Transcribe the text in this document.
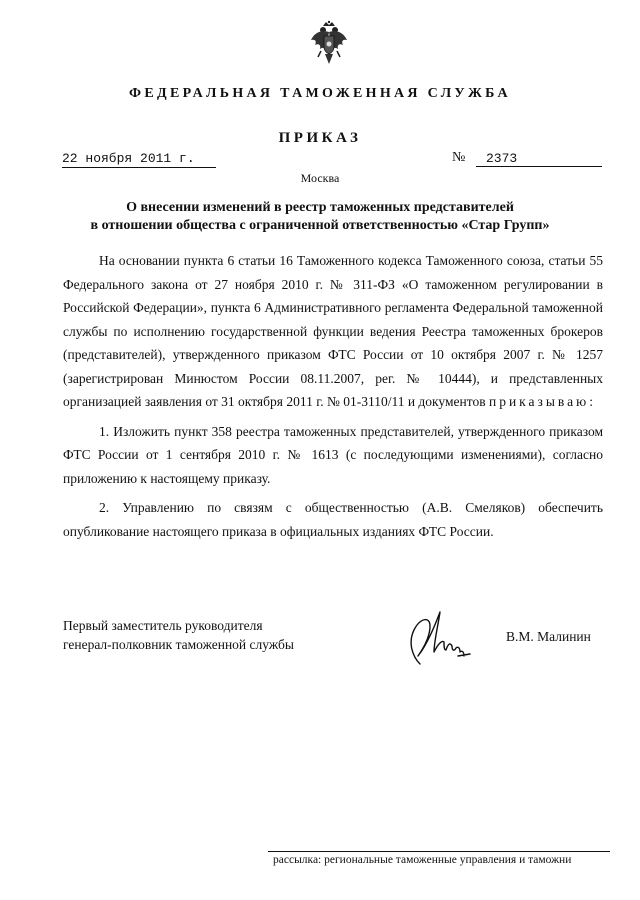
ФЕДЕРАЛЬНАЯ ТАМОЖЕННАЯ СЛУЖБА
ПРИКАЗ
22 ноября 2011 г.	№ 2373
Москва
О внесении изменений в реестр таможенных представителей
в отношении общества с ограниченной ответственностью «Стар Групп»

На основании пункта 6 статьи 16 Таможенного кодекса Таможенного союза, статьи 55 Федерального закона от 27 ноября 2010 г. № 311-ФЗ «О таможенном регулировании в Российской Федерации», пункта 6 Административного регламента Федеральной таможенной службы по исполнению государственной функции ведения Реестра таможенных брокеров (представителей), утвержденного приказом ФТС России от 10 октября 2007 г. № 1257 (зарегистрирован Минюстом России 08.11.2007, рег. № 10444), и представленных организацией заявления от 31 октября 2011 г. № 01-3110/11 и документов приказываю:

1. Изложить пункт 358 реестра таможенных представителей, утвержденного приказом ФТС России от 1 сентября 2010 г. № 1613 (с последующими изменениями), согласно приложению к настоящему приказу.

2. Управлению по связям с общественностью (А.В. Смеляков) обеспечить опубликование настоящего приказа в официальных изданиях ФТС России.

Первый заместитель руководителя
генерал-полковник таможенной службы
В.М. Малинин
рассылка: региональные таможенные управления и таможни
